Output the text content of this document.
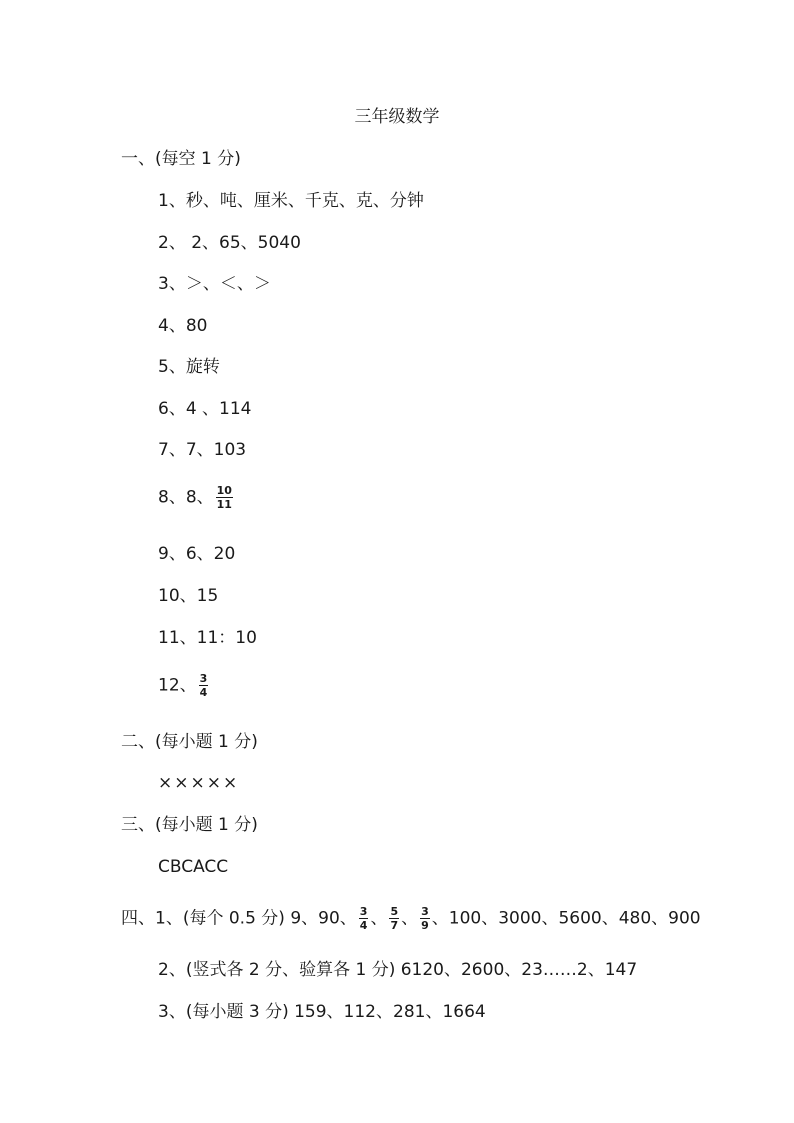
三年级数学
一、(每空 1 分)
1、秒、吨、厘米、千克、克、分钟
2、 2、65、5040
3、＞、＜、＞
4、80
5、旋转
6、4 、114
7、7、103
8、8、 $\frac{10}{11}$
9、6、20
10、15
11、11：10
12、 $\frac{3}{4}$
二、(每小题 1 分)
×××××
三、(每小题 1 分)
CBCACC
四、1、(每个 0.5 分) 9、90、 $\frac{3}{4}$ 、 $\frac{5}{7}$ 、 $\frac{3}{9}$ 、100、3000、5600、480、900
2、(竖式各 2 分、验算各 1 分) 6120、2600、23……2、147
3、(每小题 3 分) 159、112、281、1664
